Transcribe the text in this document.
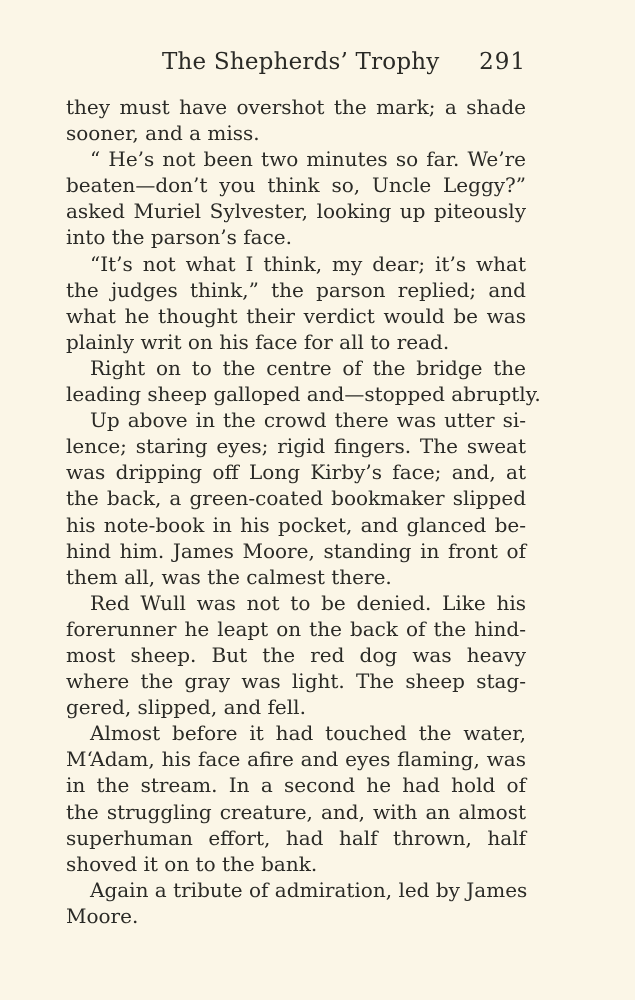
The Shepherds’ Trophy 291
they must have overshot the mark; a shade
sooner, and a miss.
“ He’s not been two minutes so far. We’re
beaten—don’t you think so, Uncle Leggy?”
asked Muriel Sylvester, looking up piteously
into the parson’s face.
“It’s not what I think, my dear; it’s what
the judges think,” the parson replied; and
what he thought their verdict would be was
plainly writ on his face for all to read.
Right on to the centre of the bridge the
leading sheep galloped and—stopped abruptly.
Up above in the crowd there was utter si-
lence; staring eyes; rigid fingers. The sweat
was dripping off Long Kirby’s face; and, at
the back, a green-coated bookmaker slipped
his note-book in his pocket, and glanced be-
hind him. James Moore, standing in front of
them all, was the calmest there.
Red Wull was not to be denied. Like his
forerunner he leapt on the back of the hind-
most sheep. But the red dog was heavy
where the gray was light. The sheep stag-
gered, slipped, and fell.
Almost before it had touched the water,
M‘Adam, his face afire and eyes flaming, was
in the stream. In a second he had hold of
the struggling creature, and, with an almost
superhuman effort, had half thrown, half
shoved it on to the bank.
Again a tribute of admiration, led by James
Moore.
